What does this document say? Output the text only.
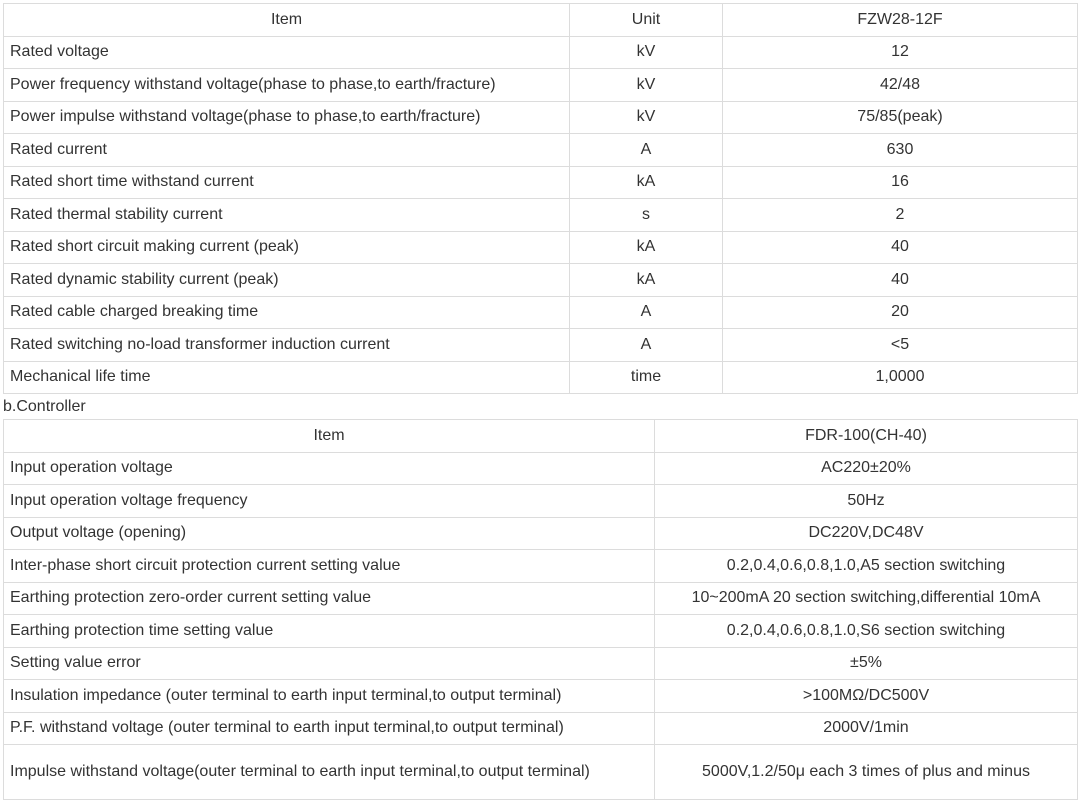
Item	Unit	FZW28-12F
Rated voltage	kV	12
Power frequency withstand voltage(phase to phase,to earth/fracture)	kV	42/48
Power impulse withstand voltage(phase to phase,to earth/fracture)	kV	75/85(peak)
Rated current	A	630
Rated short time withstand current	kA	16
Rated thermal stability current	s	2
Rated short circuit making current (peak)	kA	40
Rated dynamic stability current (peak)	kA	40
Rated cable charged breaking time	A	20
Rated switching no-load transformer induction current	A	<5
Mechanical life time	time	1,0000
b.Controller
Item	FDR-100(CH-40)
Input operation voltage	AC220±20%
Input operation voltage frequency	50Hz
Output voltage (opening)	DC220V,DC48V
Inter-phase short circuit protection current setting value	0.2,0.4,0.6,0.8,1.0,A5 section switching
Earthing protection zero-order current setting value	10~200mA 20 section switching,differential 10mA
Earthing protection time setting value	0.2,0.4,0.6,0.8,1.0,S6 section switching
Setting value error	±5%
Insulation impedance (outer terminal to earth input terminal,to output terminal)	>100MΩ/DC500V
P.F. withstand voltage (outer terminal to earth input terminal,to output terminal)	2000V/1min
Impulse withstand voltage(outer terminal to earth input terminal,to output terminal)	5000V,1.2/50μ each 3 times of plus and minus
